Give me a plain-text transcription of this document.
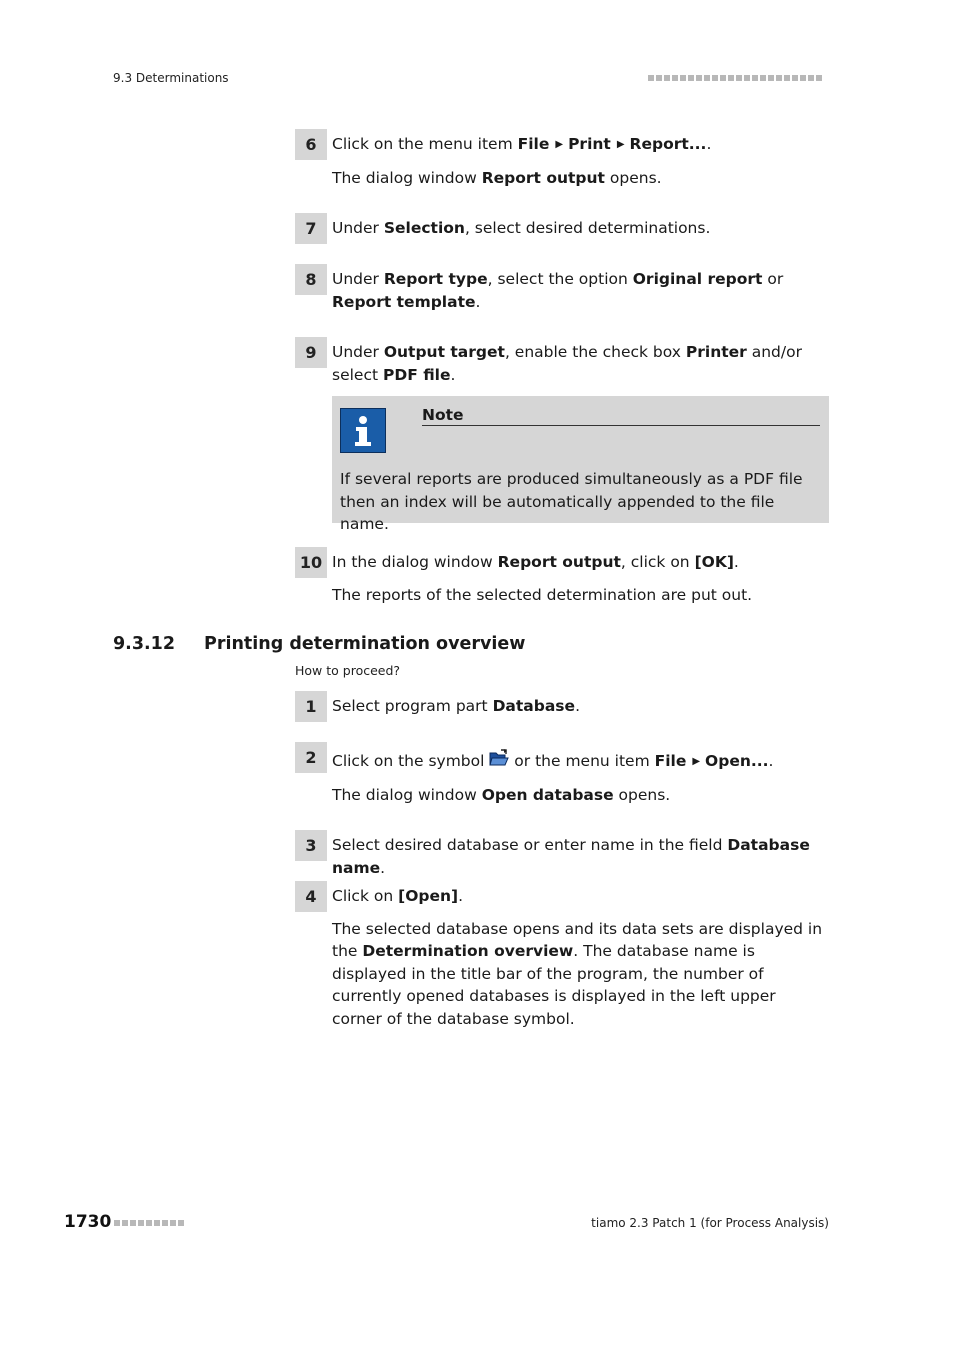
9.3 Determinations
6 Click on the menu item File ▶ Print ▶ Report....

The dialog window Report output opens.

7 Under Selection, select desired determinations.

8 Under Report type, select the option Original report or Report template.

9 Under Output target, enable the check box Printer and/or select PDF file.

Note
If several reports are produced simultaneously as a PDF file then an index will be automatically appended to the file name.
10 In the dialog window Report output, click on [OK].

The reports of the selected determination are put out.

9.3.12 Printing determination overview
How to proceed?
1 Select program part Database.

2 Click on the symbol  or the menu item File ▶ Open....

The dialog window Open database opens.

3 Select desired database or enter name in the field Database name.

4 Click on [Open].

The selected database opens and its data sets are displayed in the Determination overview. The database name is displayed in the title bar of the program, the number of currently opened databases is displayed in the left upper corner of the database symbol.

1730	tiamo 2.3 Patch 1 (for Process Analysis)
